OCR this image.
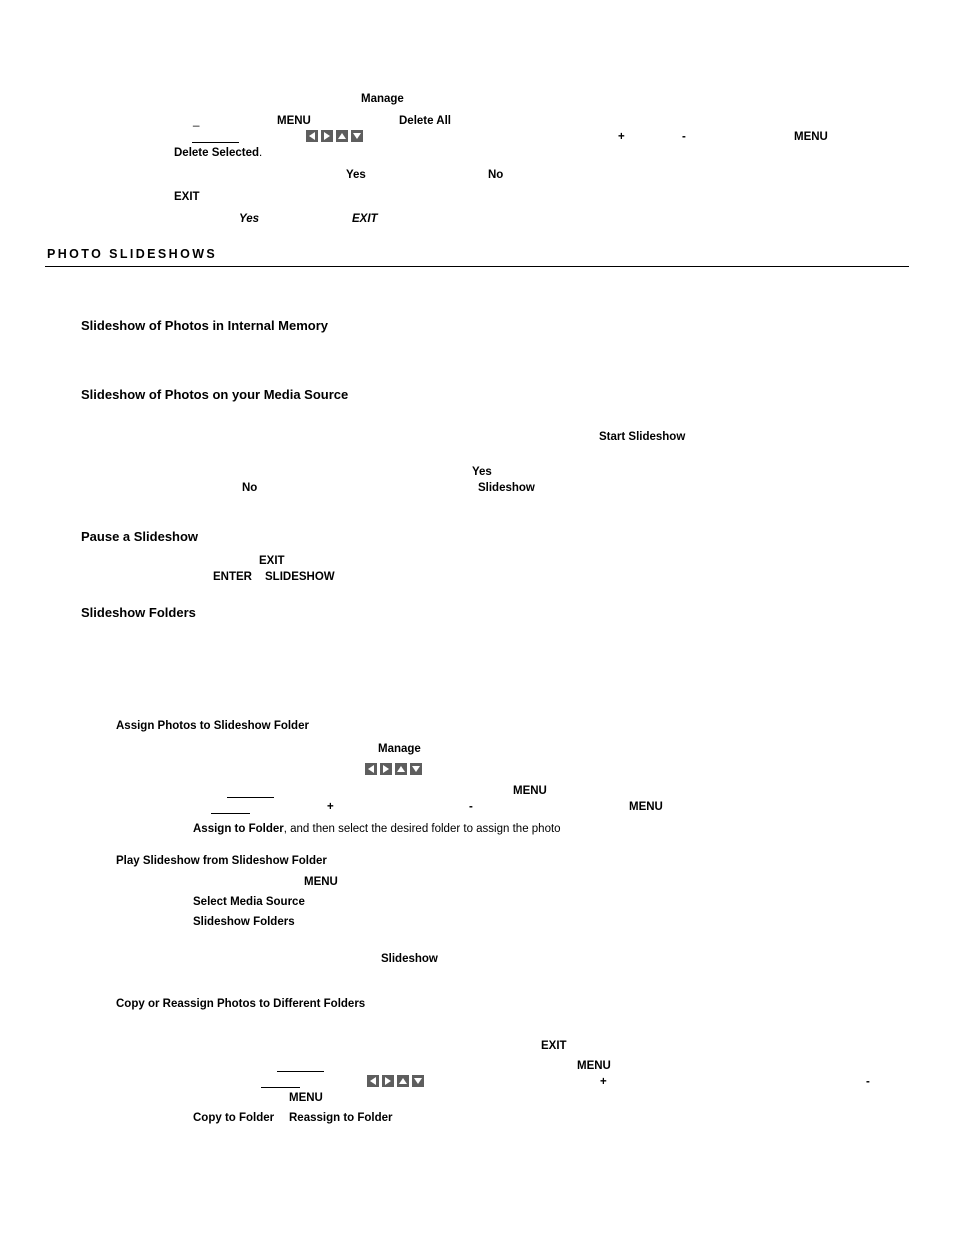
Manage
_	MENU	Delete All
+	-	MENU
Delete Selected.
Yes	No
EXIT
Yes	EXIT
PHOTO SLIDESHOWS
Slideshow of Photos in Internal Memory
Slideshow of Photos on your Media Source
Start Slideshow
Yes
No	Slideshow
Pause a Slideshow
EXIT
ENTER SLIDESHOW
Slideshow Folders
Assign Photos to Slideshow Folder
Manage
MENU
+	-	MENU
Assign to Folder, and then select the desired folder to assign the photo
Play Slideshow from Slideshow Folder
MENU
Select Media Source
Slideshow Folders
Slideshow
Copy or Reassign Photos to Different Folders
EXIT
MENU
+	-
MENU
Copy to Folder Reassign to Folder
